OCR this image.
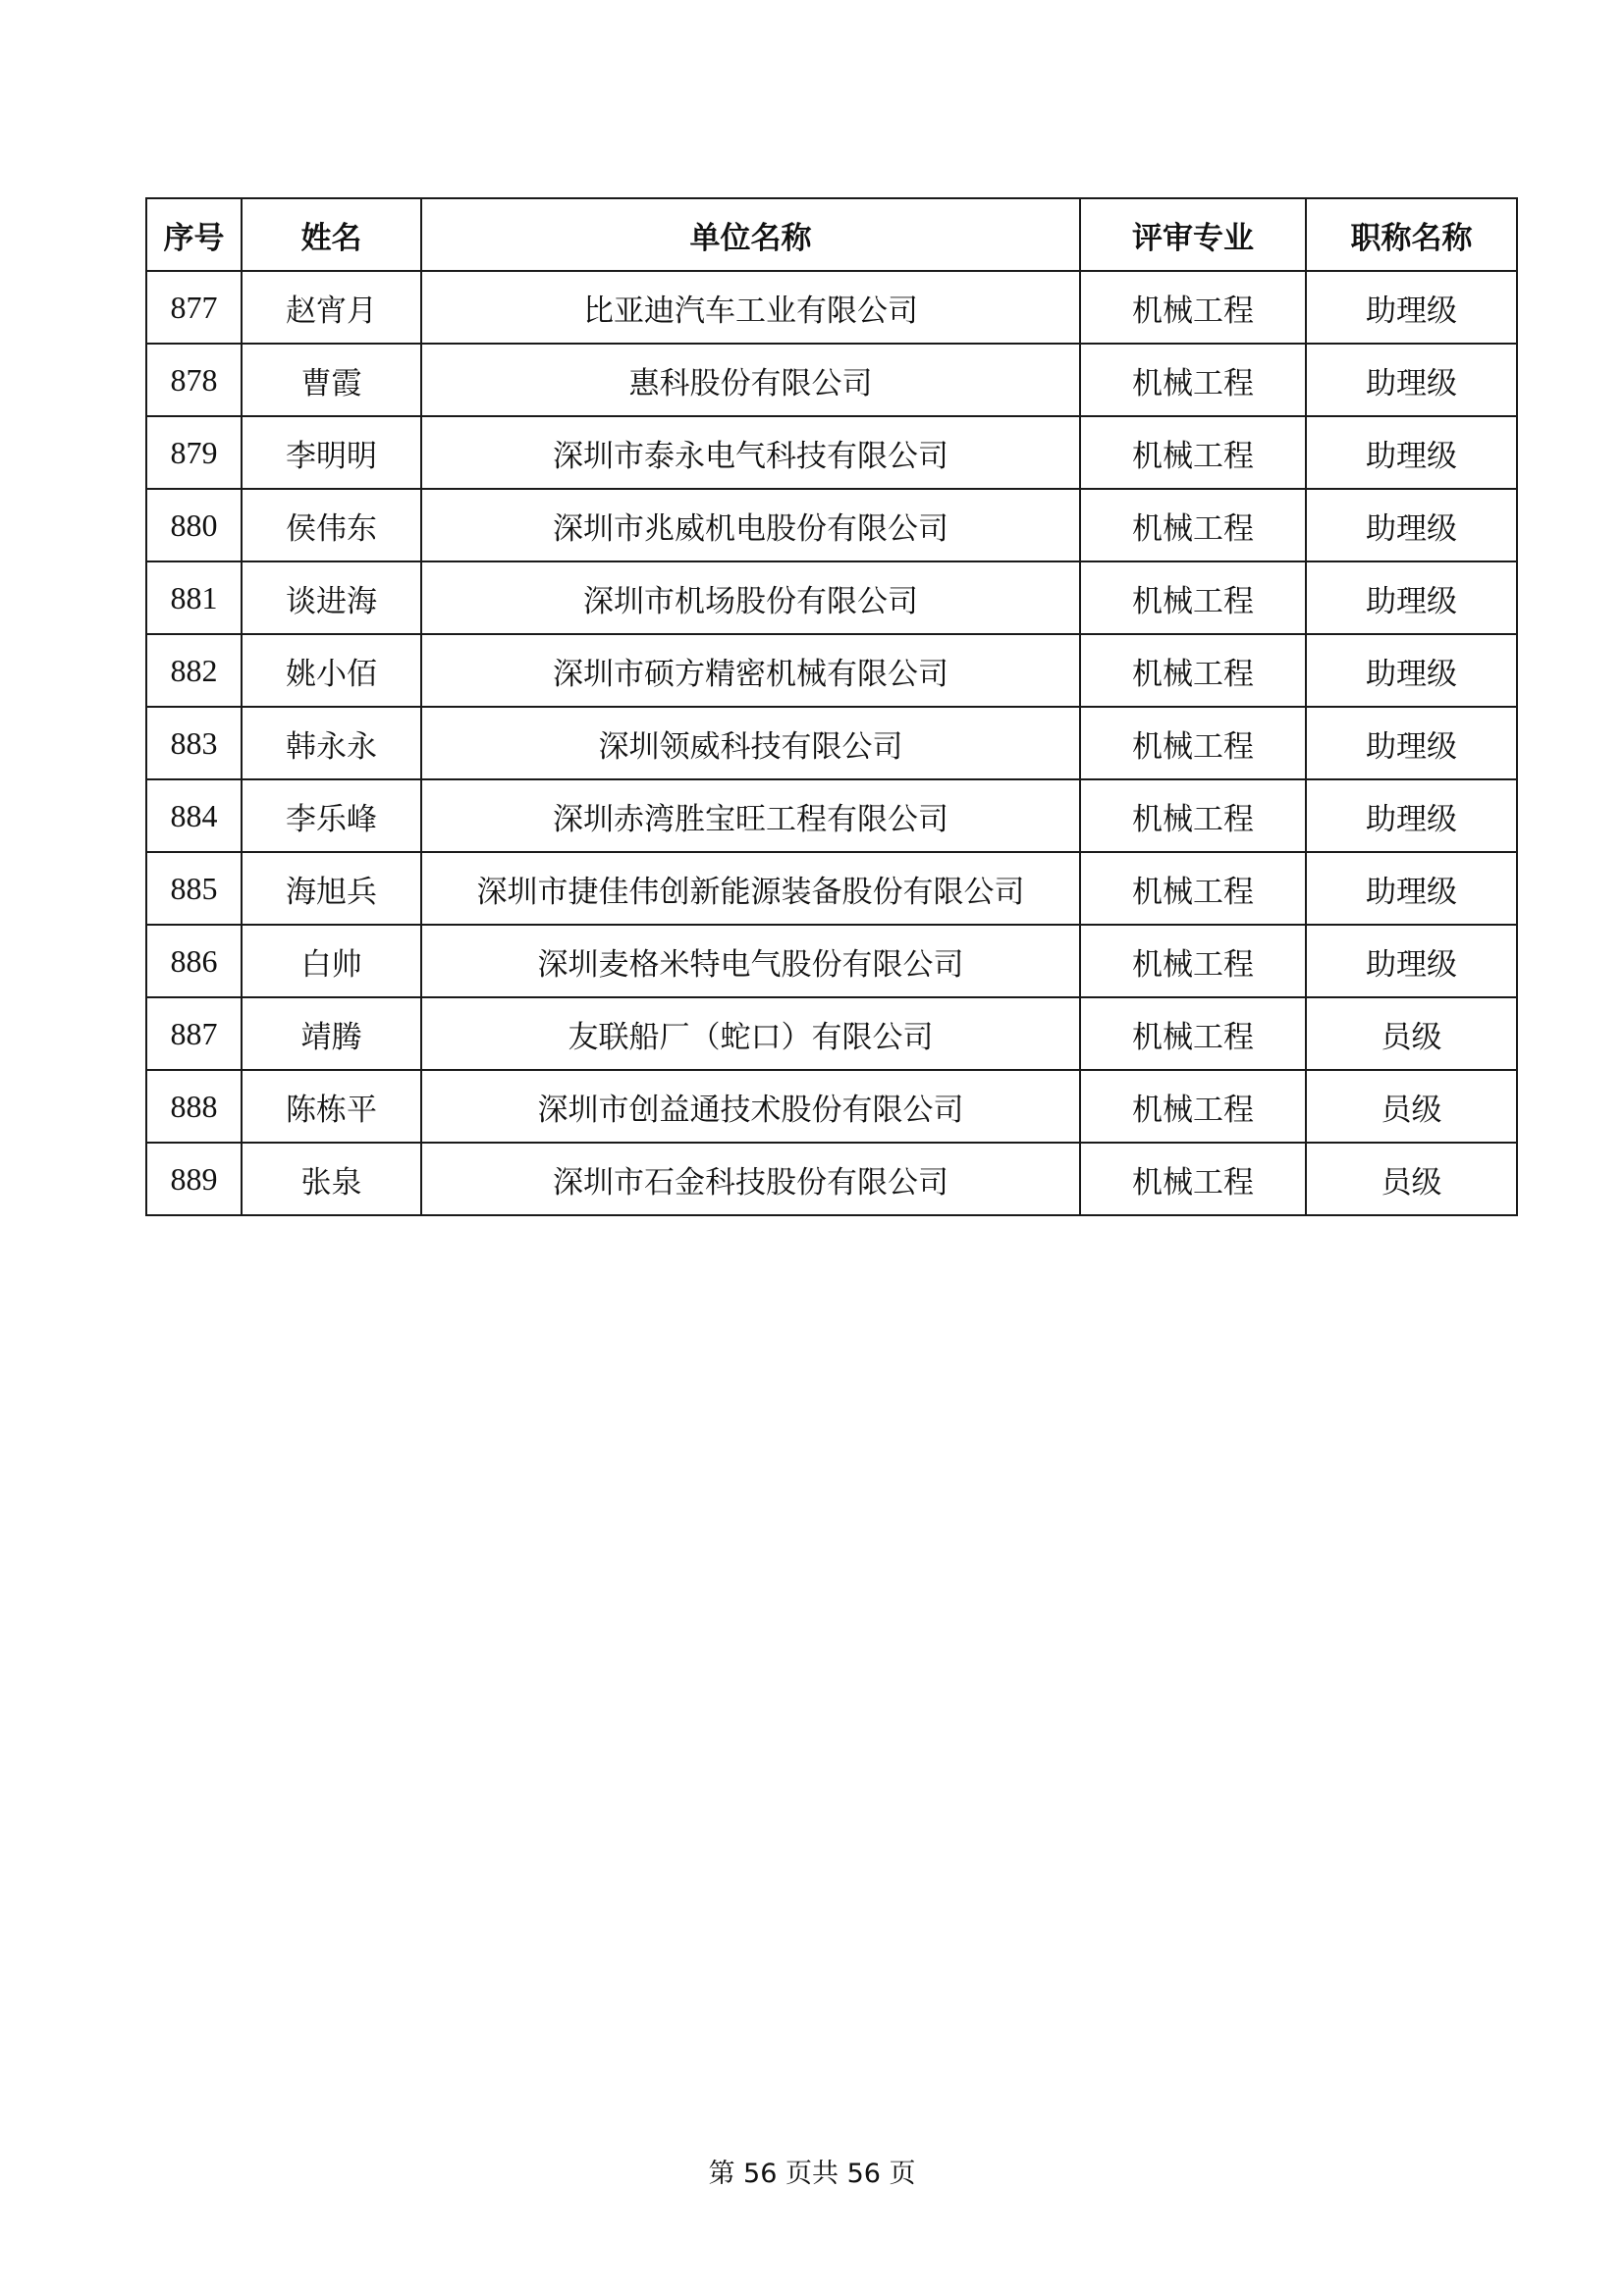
序号	姓名	单位名称	评审专业	职称名称
877	赵宵月	比亚迪汽车工业有限公司	机械工程	助理级
878	曹霞	惠科股份有限公司	机械工程	助理级
879	李明明	深圳市泰永电气科技有限公司	机械工程	助理级
880	侯伟东	深圳市兆威机电股份有限公司	机械工程	助理级
881	谈进海	深圳市机场股份有限公司	机械工程	助理级
882	姚小佰	深圳市硕方精密机械有限公司	机械工程	助理级
883	韩永永	深圳领威科技有限公司	机械工程	助理级
884	李乐峰	深圳赤湾胜宝旺工程有限公司	机械工程	助理级
885	海旭兵	深圳市捷佳伟创新能源装备股份有限公司	机械工程	助理级
886	白帅	深圳麦格米特电气股份有限公司	机械工程	助理级
887	靖腾	友联船厂（蛇口）有限公司	机械工程	员级
888	陈栋平	深圳市创益通技术股份有限公司	机械工程	员级
889	张泉	深圳市石金科技股份有限公司	机械工程	员级
第 56 页共 56 页
